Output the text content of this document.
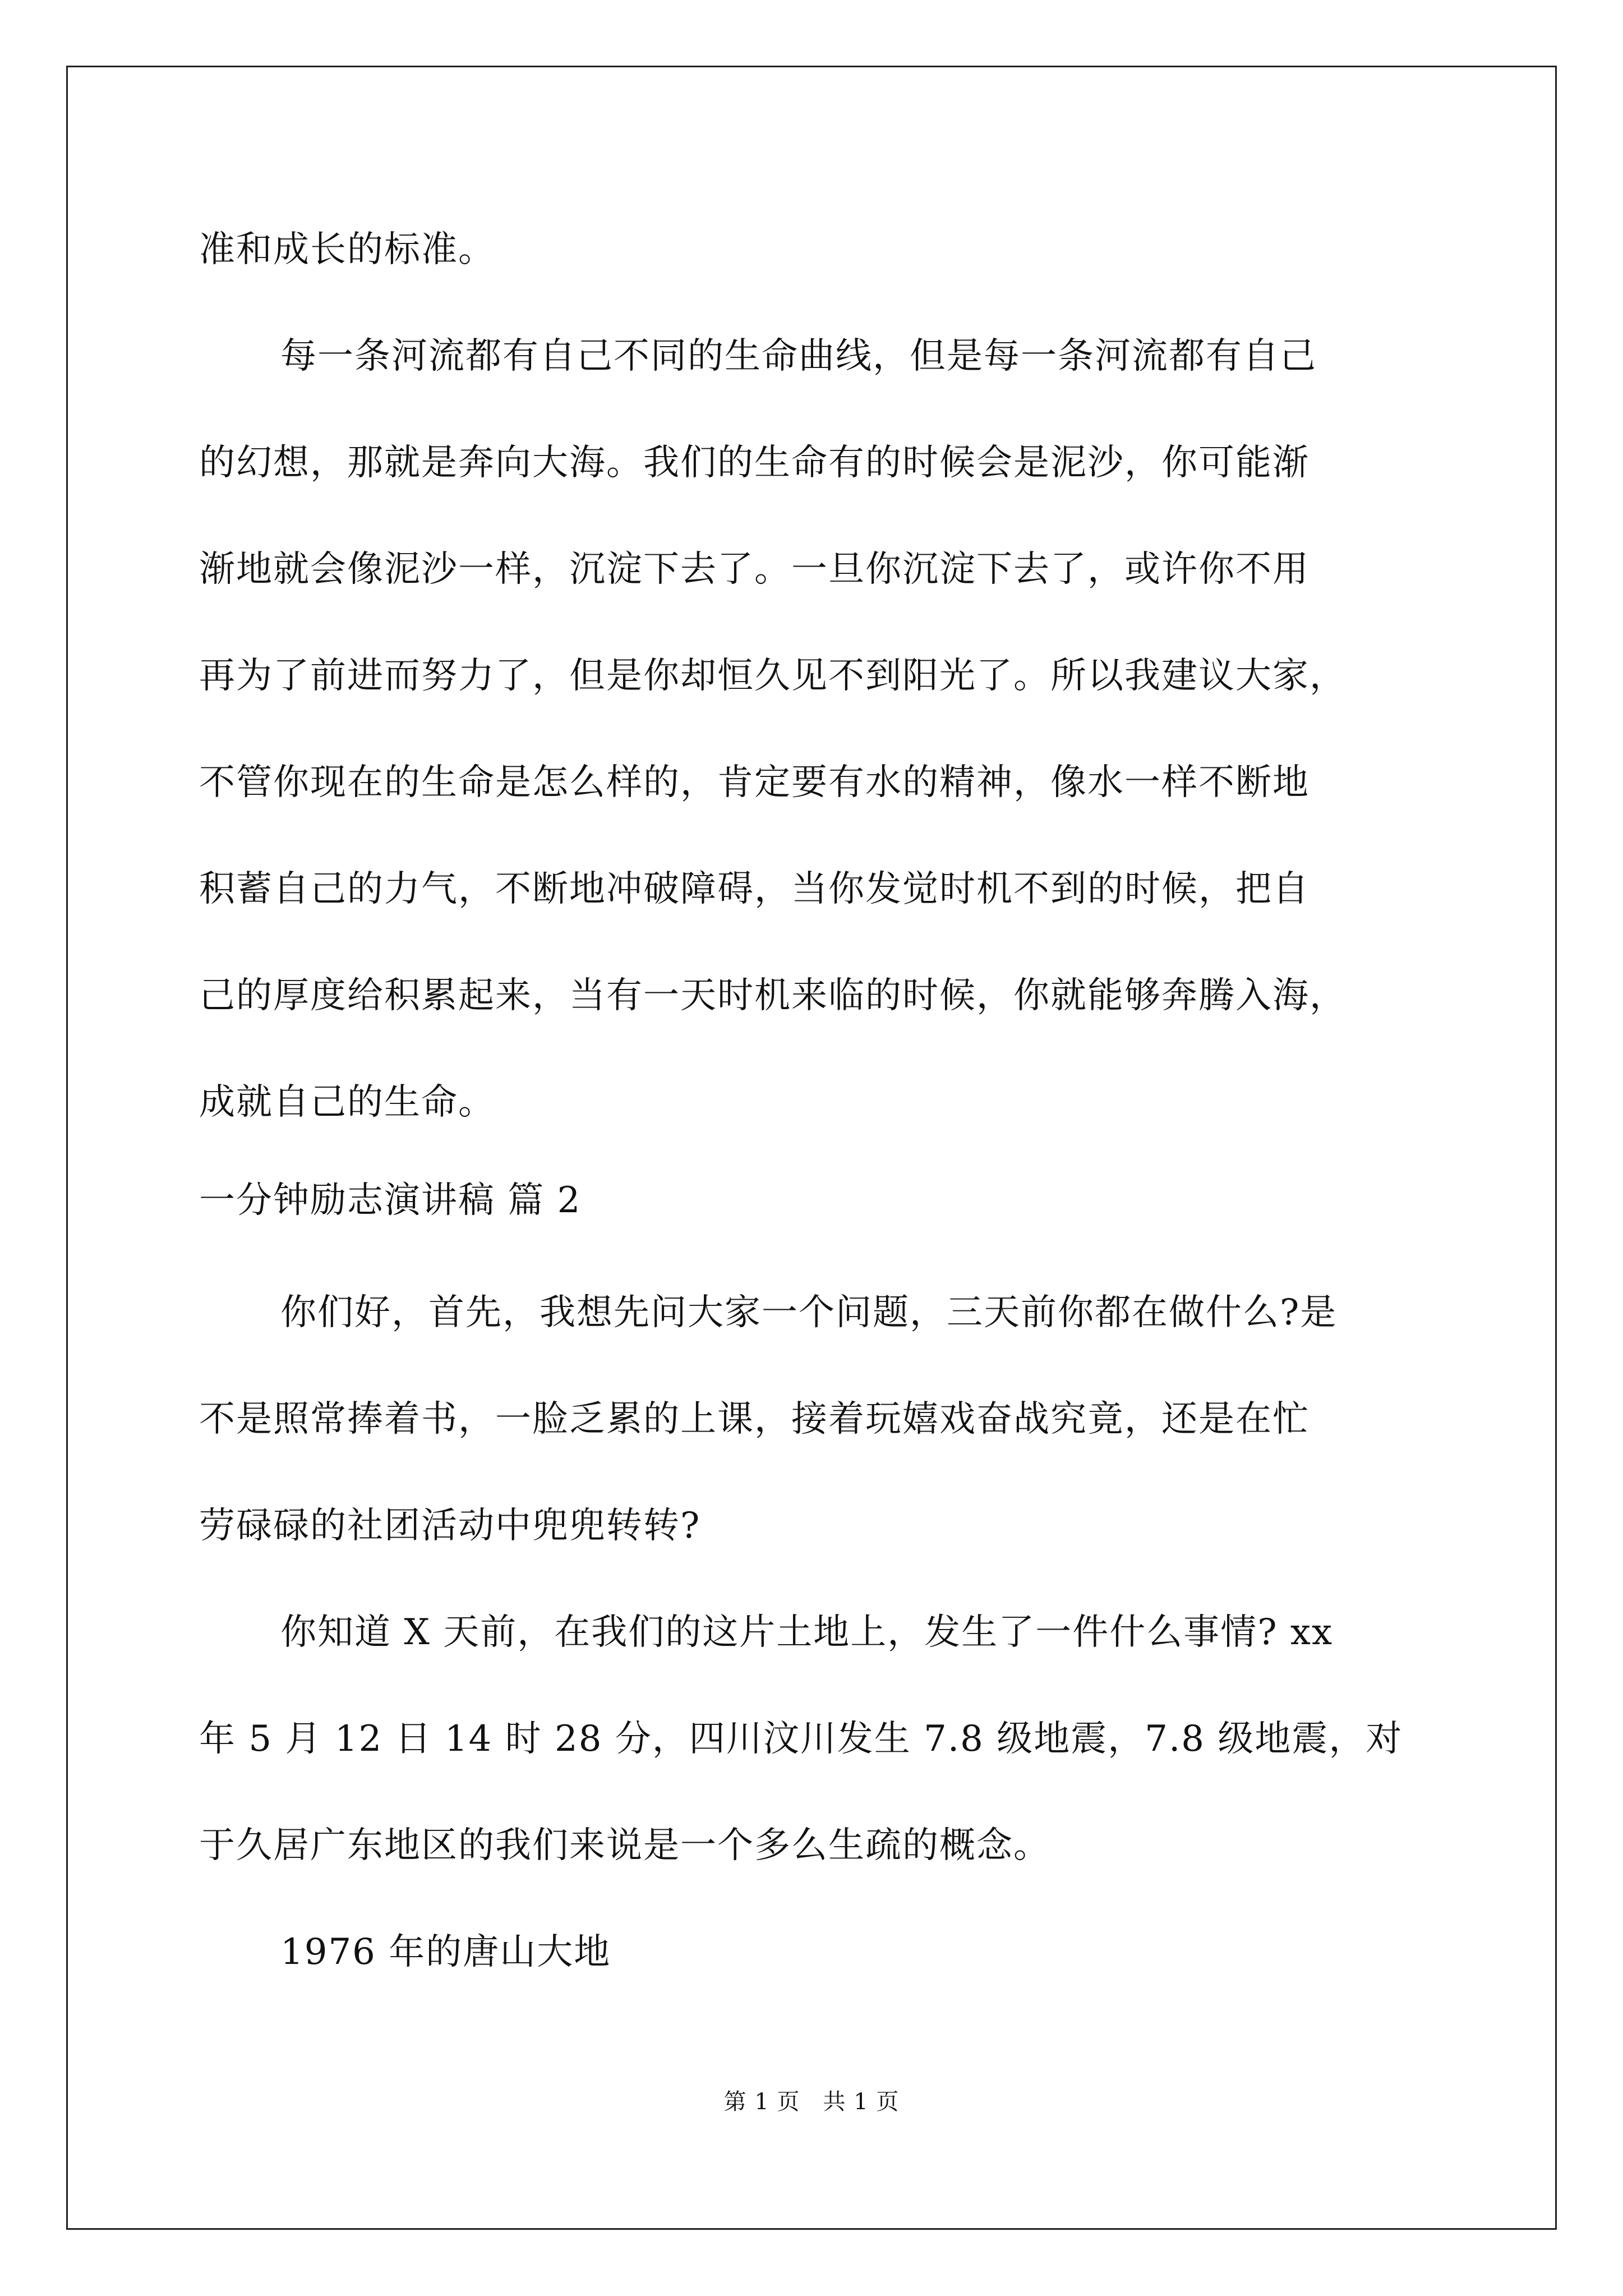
准和成长的标准。
每一条河流都有自己不同的生命曲线，但是每一条河流都有自己
的幻想，那就是奔向大海。我们的生命有的时候会是泥沙，你可能渐
渐地就会像泥沙一样，沉淀下去了。一旦你沉淀下去了，或许你不用
再为了前进而努力了，但是你却恒久见不到阳光了。所以我建议大家，
不管你现在的生命是怎么样的，肯定要有水的精神，像水一样不断地
积蓄自己的力气，不断地冲破障碍，当你发觉时机不到的时候，把自
己的厚度给积累起来，当有一天时机来临的时候，你就能够奔腾入海，
成就自己的生命。
一分钟励志演讲稿 篇 2
你们好，首先，我想先问大家一个问题，三天前你都在做什么?是
不是照常捧着书，一脸乏累的上课，接着玩嬉戏奋战究竟，还是在忙
劳碌碌的社团活动中兜兜转转?
你知道 X 天前，在我们的这片土地上，发生了一件什么事情? xx
年 5 月 12 日 14 时 28 分，四川汶川发生 7.8 级地震，7.8 级地震，对
于久居广东地区的我们来说是一个多么生疏的概念。
1976 年的唐山大地
第 1 页　共 1 页
